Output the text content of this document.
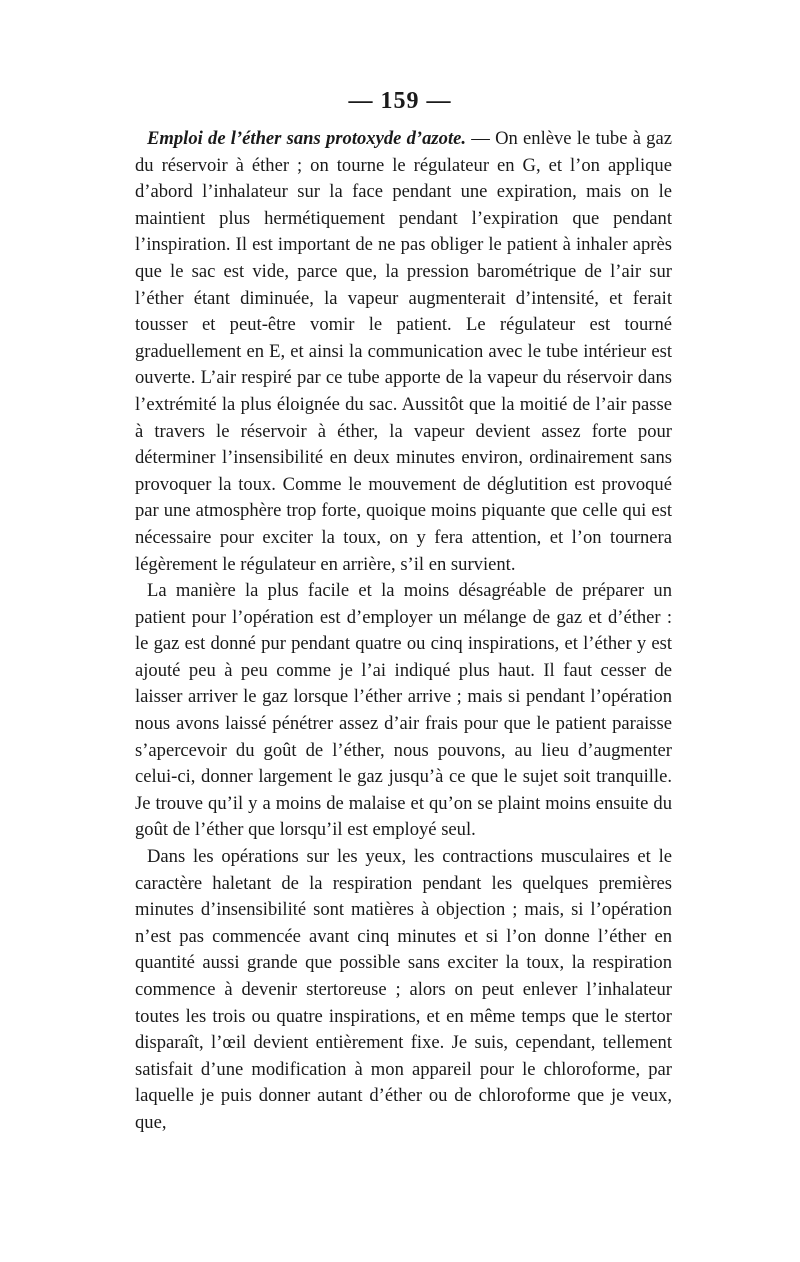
— 159 —

Emploi de l’éther sans protoxyde d’azote. — On enlève le tube à gaz du réservoir à éther ; on tourne le régulateur en G, et l’on applique d’abord l’inhalateur sur la face pendant une expiration, mais on le maintient plus hermétiquement pendant l’expiration que pendant l’inspiration. Il est important de ne pas obliger le patient à inhaler après que le sac est vide, parce que, la pression barométrique de l’air sur l’éther étant diminuée, la vapeur augmenterait d’intensité, et ferait tousser et peut-être vomir le patient. Le régulateur est tourné graduellement en E, et ainsi la communication avec le tube intérieur est ouverte. L’air respiré par ce tube apporte de la vapeur du réservoir dans l’extrémité la plus éloignée du sac. Aussitôt que la moitié de l’air passe à travers le réservoir à éther, la vapeur devient assez forte pour déterminer l’insensibilité en deux minutes environ, ordinairement sans provoquer la toux. Comme le mouvement de déglutition est provoqué par une atmosphère trop forte, quoique moins piquante que celle qui est nécessaire pour exciter la toux, on y fera attention, et l’on tournera légèrement le régulateur en arrière, s’il en survient.

La manière la plus facile et la moins désagréable de préparer un patient pour l’opération est d’employer un mélange de gaz et d’éther : le gaz est donné pur pendant quatre ou cinq inspirations, et l’éther y est ajouté peu à peu comme je l’ai indiqué plus haut. Il faut cesser de laisser arriver le gaz lorsque l’éther arrive ; mais si pendant l’opération nous avons laissé pénétrer assez d’air frais pour que le patient paraisse s’apercevoir du goût de l’éther, nous pouvons, au lieu d’augmenter celui-ci, donner largement le gaz jusqu’à ce que le sujet soit tranquille. Je trouve qu’il y a moins de malaise et qu’on se plaint moins ensuite du goût de l’éther que lorsqu’il est employé seul.

Dans les opérations sur les yeux, les contractions musculaires et le caractère haletant de la respiration pendant les quelques premières minutes d’insensibilité sont matières à objection ; mais, si l’opération n’est pas commencée avant cinq minutes et si l’on donne l’éther en quantité aussi grande que possible sans exciter la toux, la respiration commence à devenir stertoreuse ; alors on peut enlever l’inhalateur toutes les trois ou quatre inspirations, et en même temps que le stertor disparaît, l’œil devient entièrement fixe. Je suis, cependant, tellement satisfait d’une modification à mon appareil pour le chloroforme, par laquelle je puis donner autant d’éther ou de chloroforme que je veux, que,
